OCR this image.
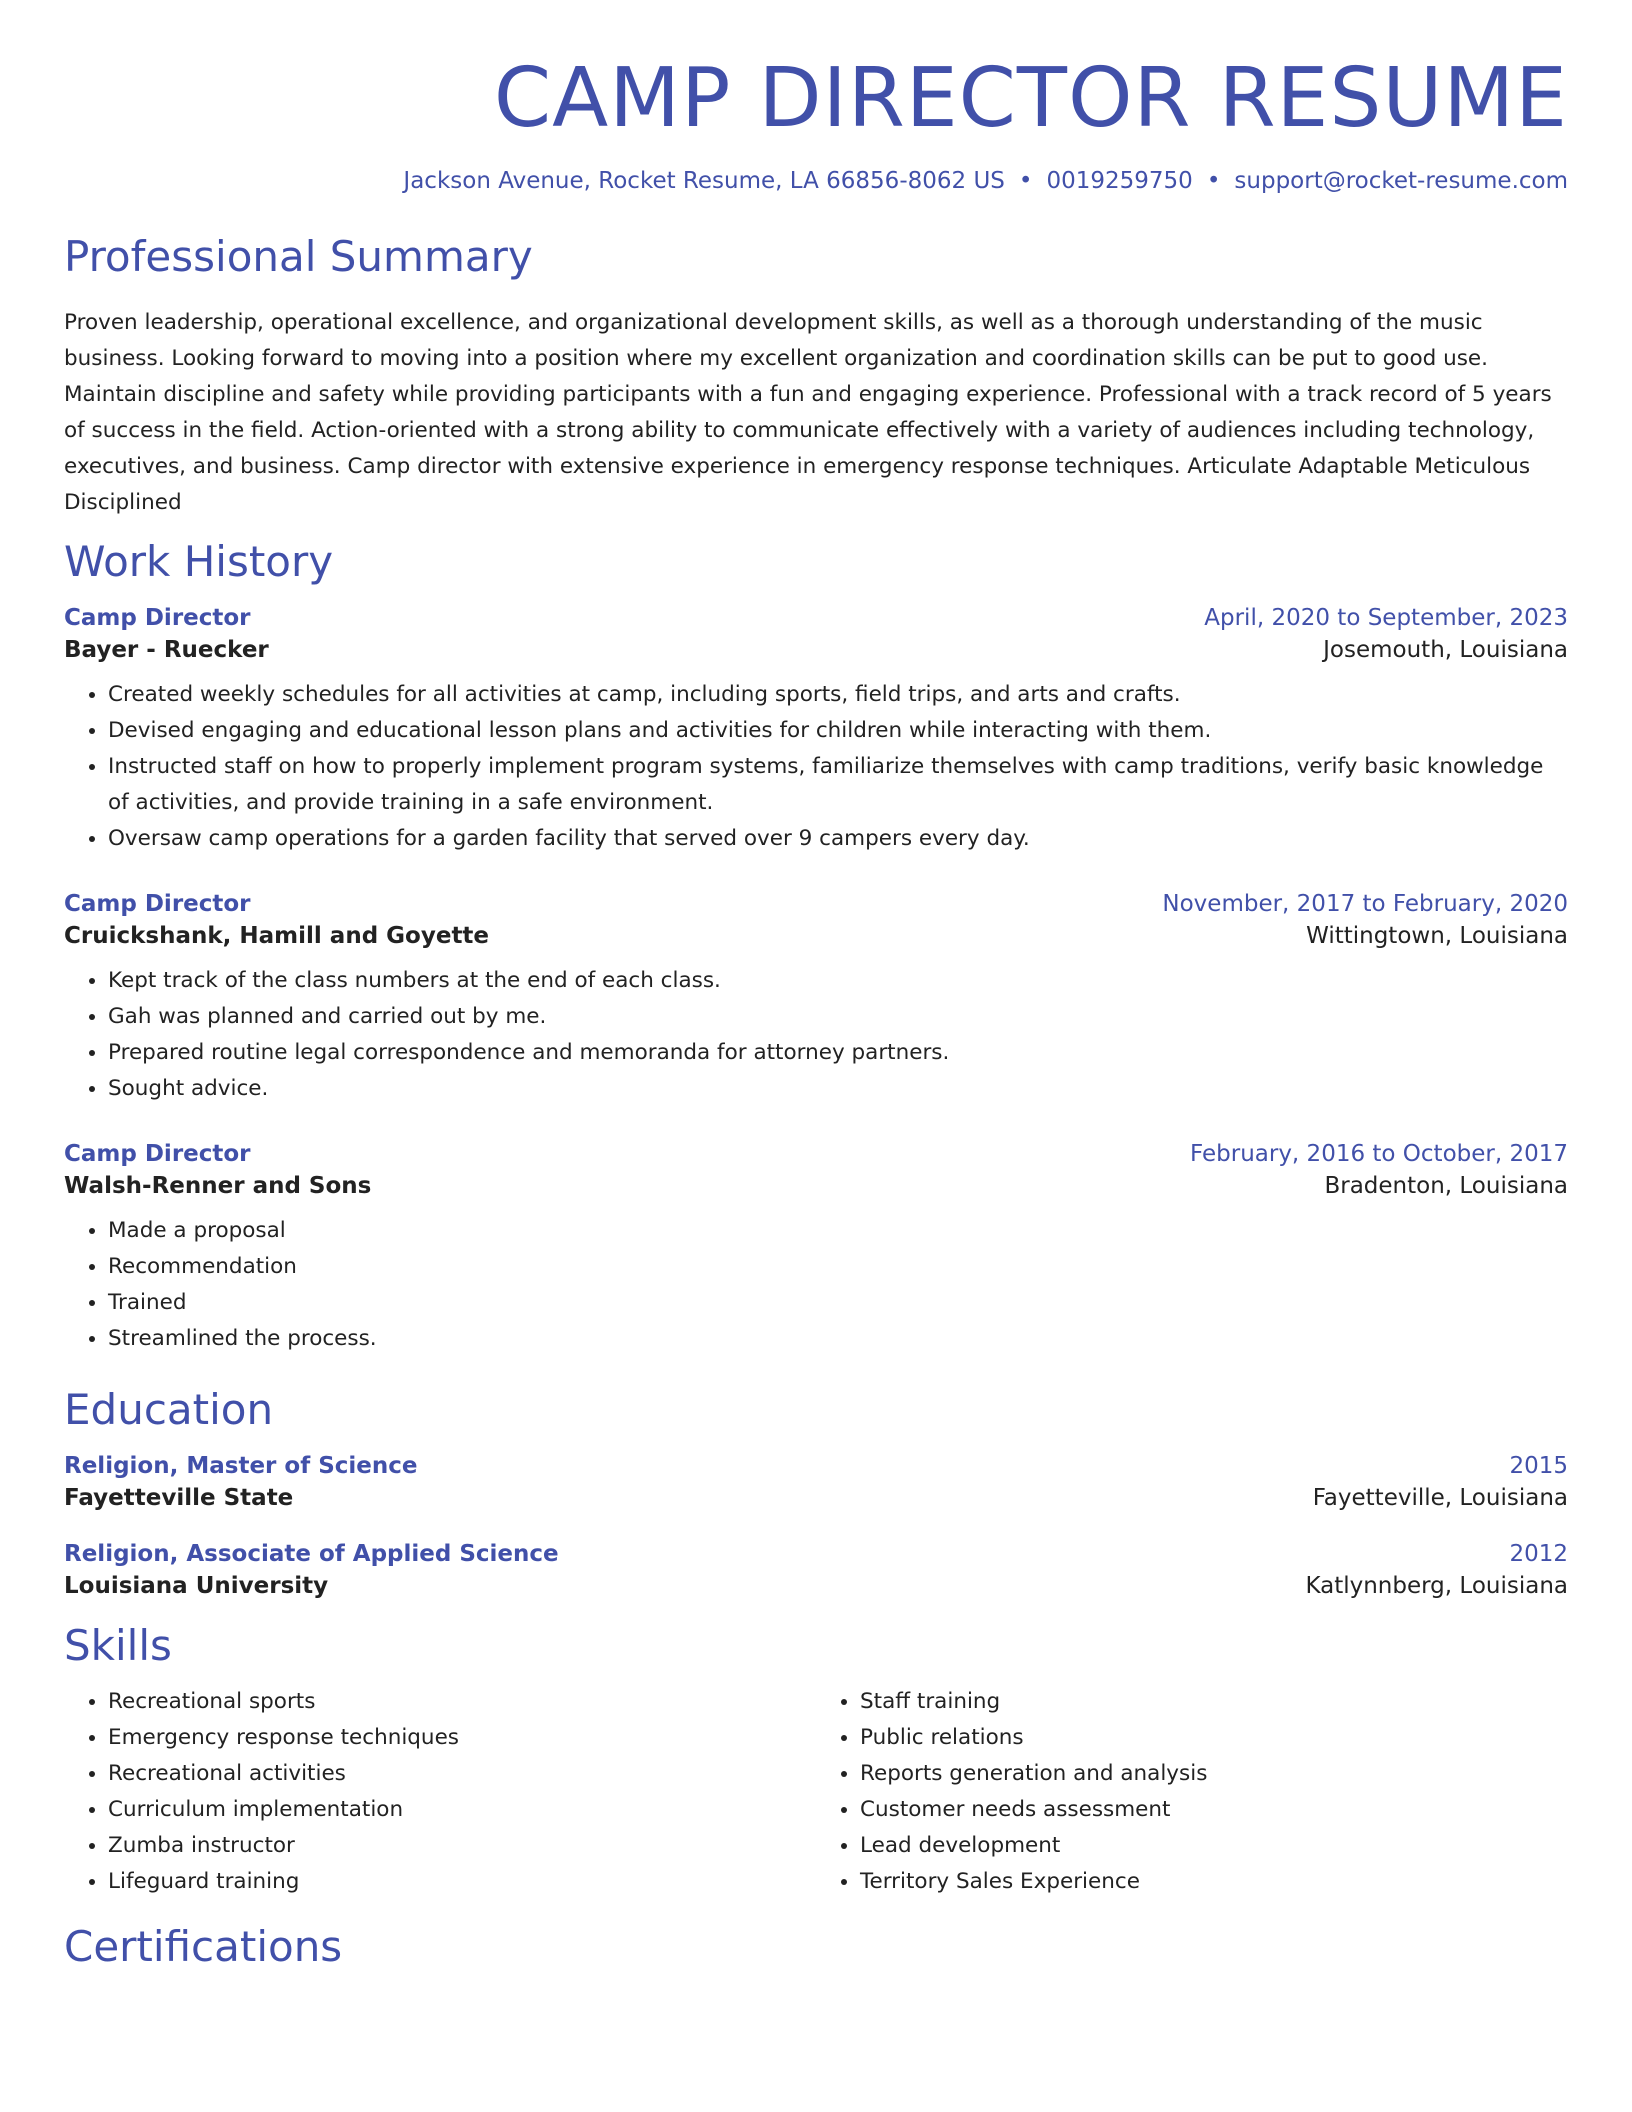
CAMP DIRECTOR RESUME
Jackson Avenue, Rocket Resume, LA 66856-8062 US • 0019259750 • support@rocket-resume.com
Professional Summary

Proven leadership, operational excellence, and organizational development skills, as well as a thorough understanding of the music business. Looking forward to moving into a position where my excellent organization and coordination skills can be put to good use. Maintain discipline and safety while providing participants with a fun and engaging experience. Professional with a track record of 5 years of success in the field. Action-oriented with a strong ability to communicate effectively with a variety of audiences including technology, executives, and business. Camp director with extensive experience in emergency response techniques. Articulate Adaptable Meticulous Disciplined

Work History
Camp Director	April, 2020 to September, 2023
Bayer - Ruecker	Josemouth, Louisiana
• Created weekly schedules for all activities at camp, including sports, field trips, and arts and crafts.
• Devised engaging and educational lesson plans and activities for children while interacting with them.
• Instructed staff on how to properly implement program systems, familiarize themselves with camp traditions, verify basic knowledge of activities, and provide training in a safe environment.
• Oversaw camp operations for a garden facility that served over 9 campers every day.
Camp Director	November, 2017 to February, 2020
Cruickshank, Hamill and Goyette	Wittingtown, Louisiana
• Kept track of the class numbers at the end of each class.
• Gah was planned and carried out by me.
• Prepared routine legal correspondence and memoranda for attorney partners.
• Sought advice.
Camp Director	February, 2016 to October, 2017
Walsh-Renner and Sons	Bradenton, Louisiana
• Made a proposal
• Recommendation
• Trained
• Streamlined the process.
Education
Religion, Master of Science	2015
Fayetteville State	Fayetteville, Louisiana
Religion, Associate of Applied Science	2012
Louisiana University	Katlynnberg, Louisiana
Skills
• Recreational sports
• Emergency response techniques
• Recreational activities
• Curriculum implementation
• Zumba instructor
• Lifeguard training
• Staff training
• Public relations
• Reports generation and analysis
• Customer needs assessment
• Lead development
• Territory Sales Experience
Certifications
